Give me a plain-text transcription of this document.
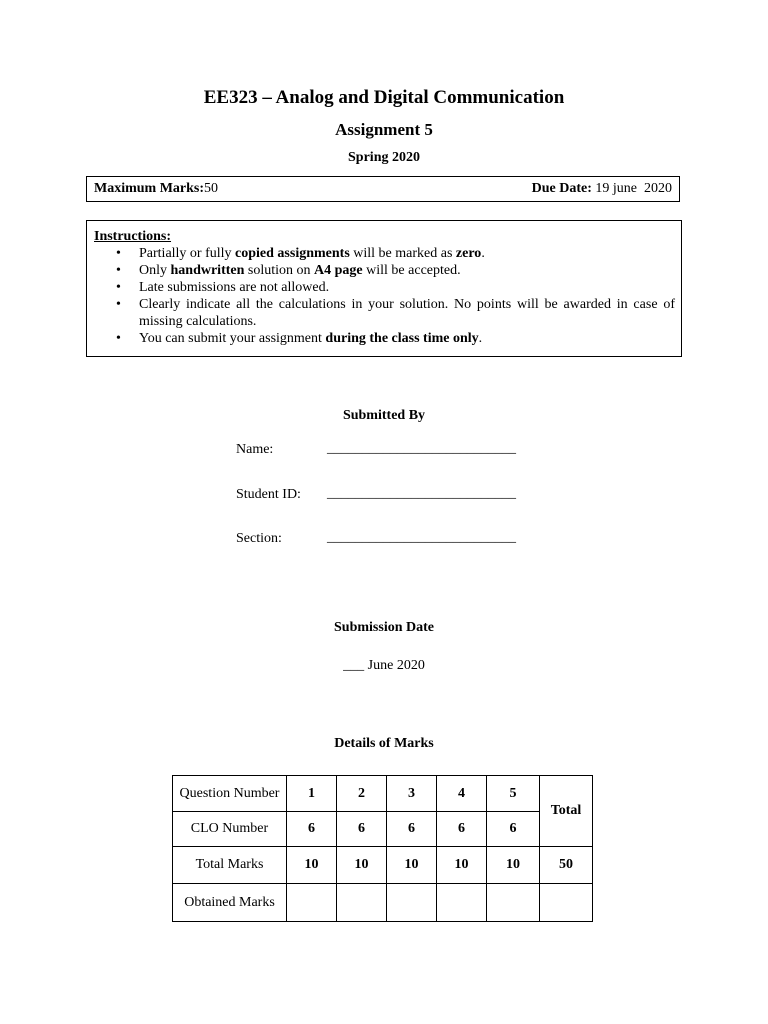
EE323 – Analog and Digital Communication
Assignment 5
Spring 2020
Maximum Marks:50	Due Date: 19 june  2020
Instructions:
• Partially or fully copied assignments will be marked as zero.
• Only handwritten solution on A4 page will be accepted.
• Late submissions are not allowed.
• Clearly indicate all the calculations in your solution. No points will be awarded in case of missing calculations.
• You can submit your assignment during the class time only.
Submitted By
Name:	___________________________
Student ID: ___________________________
Section:	___________________________
Submission Date
___ June 2020
Details of Marks
Question Number	1	2	3	4	5	Total
CLO Number	6	6	6	6	6	
Total Marks	10	10	10	10	10	50
Obtained Marks						
